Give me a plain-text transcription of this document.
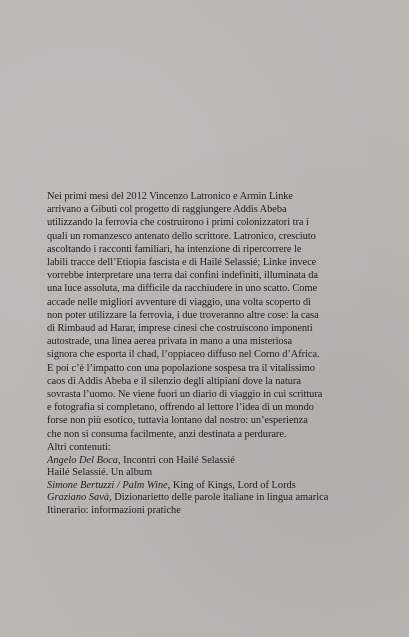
Nei primi mesi del 2012 Vincenzo Latronico e Armin Linke
arrivano a Gibuti col progetto di raggiungere Addis Abeba
utilizzando la ferrovia che costruirono i primi colonizzatori tra i
quali un romanzesco antenato dello scrittore. Latronico, cresciuto
ascoltando i racconti familiari, ha intenzione di ripercorrere le
labili tracce dell’Etiopia fascista e di Hailé Selassié; Linke invece
vorrebbe interpretare una terra dai confini indefiniti, illuminata da
una luce assoluta, ma difficile da racchiudere in uno scatto. Come
accade nelle migliori avventure di viaggio, una volta scoperto di
non poter utilizzare la ferrovia, i due troveranno altre cose: la casa
di Rimbaud ad Harar, imprese cinesi che costruiscono imponenti
autostrade, una linea aerea privata in mano a una misteriosa
signora che esporta il chad, l’oppiaceo diffuso nel Corno d’Africa.
E poi c’è l’impatto con una popolazione sospesa tra il vitalissimo
caos di Addis Abeba e il silenzio degli altipiani dove la natura
sovrasta l’uomo. Ne viene fuori un diario di viaggio in cui scrittura
e fotografia si completano, offrendo al lettore l’idea di un mondo
forse non più esotico, tuttavia lontano dal nostro: un’esperienza
che non si consuma facilmente, anzi destinata a perdurare.

Altri contenuti:
Angelo Del Boca, Incontri con Hailé Selassié
Hailé Selassié. Un album
Simone Bertuzzi / Palm Wine, King of Kings, Lord of Lords
Graziano Savà, Dizionarietto delle parole italiane in lingua amarica
Itinerario: informazioni pratiche
